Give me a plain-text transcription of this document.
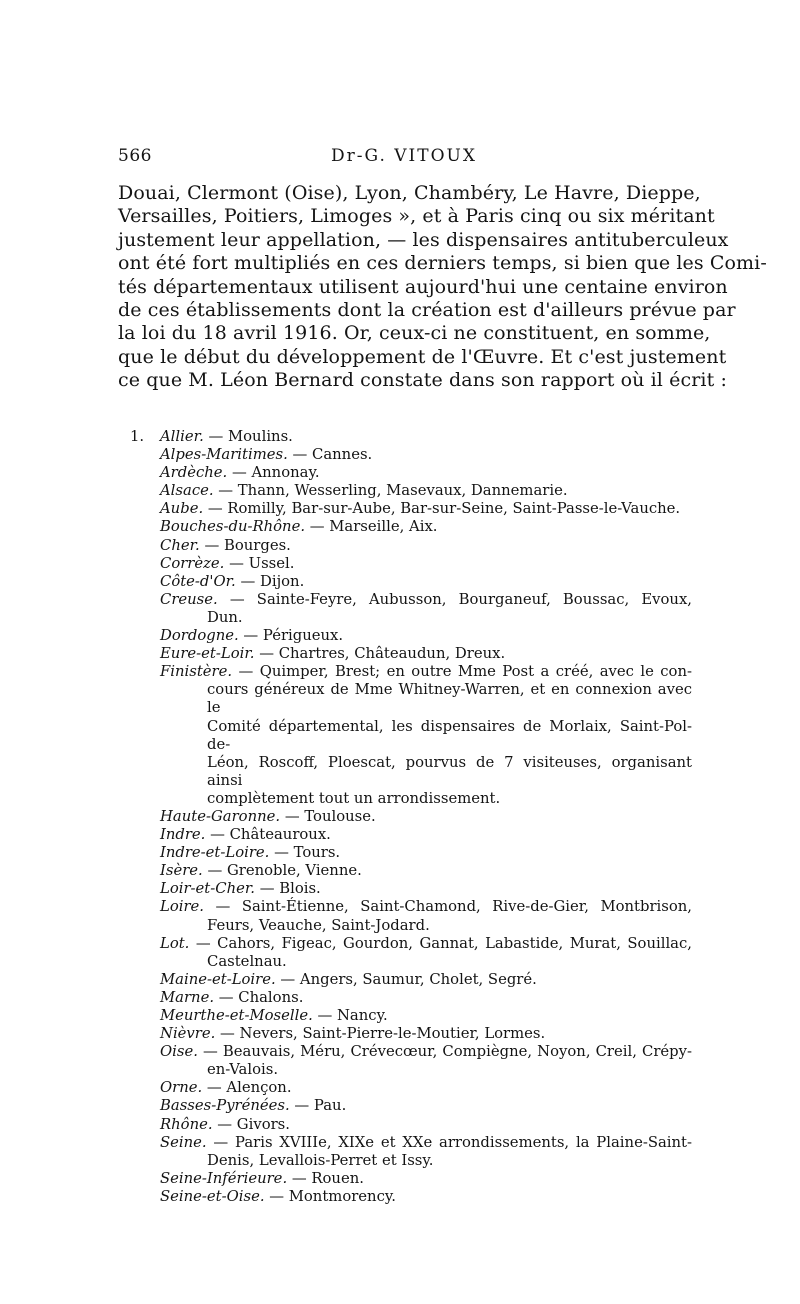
566	Dr-G. VITOUX
Douai, Clermont (Oise), Lyon, Chambéry, Le Havre, Dieppe,
Versailles, Poitiers, Limoges », et à Paris cinq ou six méritant
justement leur appellation, — les dispensaires antituberculeux
ont été fort multipliés en ces derniers temps, si bien que les Comi-
tés départementaux utilisent aujourd'hui une centaine environ
de ces établissements dont la création est d'ailleurs prévue par
la loi du 18 avril 1916. Or, ceux-ci ne constituent, en somme,
que le début du développement de l'Œuvre. Et c'est justement
ce que M. Léon Bernard constate dans son rapport où il écrit :
1. Allier. — Moulins.
Alpes-Maritimes. — Cannes.
Ardèche. — Annonay.
Alsace. — Thann, Wesserling, Masevaux, Dannemarie.
Aube. — Romilly, Bar-sur-Aube, Bar-sur-Seine, Saint-Passe-le-Vauche.
Bouches-du-Rhône. — Marseille, Aix.
Cher. — Bourges.
Corrèze. — Ussel.
Côte-d'Or. — Dijon.
Creuse. — Sainte-Feyre, Aubusson, Bourganeuf, Boussac, Evoux,
Dun.
Dordogne. — Périgueux.
Eure-et-Loir. — Chartres, Châteaudun, Dreux.
Finistère. — Quimper, Brest; en outre Mme Post a créé, avec le con-
cours généreux de Mme Whitney-Warren, et en connexion avec le
Comité départemental, les dispensaires de Morlaix, Saint-Pol-de-
Léon, Roscoff, Ploescat, pourvus de 7 visiteuses, organisant ainsi
complètement tout un arrondissement.
Haute-Garonne. — Toulouse.
Indre. — Châteauroux.
Indre-et-Loire. — Tours.
Isère. — Grenoble, Vienne.
Loir-et-Cher. — Blois.
Loire. — Saint-Étienne, Saint-Chamond, Rive-de-Gier, Montbrison,
Feurs, Veauche, Saint-Jodard.
Lot. — Cahors, Figeac, Gourdon, Gannat, Labastide, Murat, Souillac,
Castelnau.
Maine-et-Loire. — Angers, Saumur, Cholet, Segré.
Marne. — Chalons.
Meurthe-et-Moselle. — Nancy.
Nièvre. — Nevers, Saint-Pierre-le-Moutier, Lormes.
Oise. — Beauvais, Méru, Crévecœur, Compiègne, Noyon, Creil, Crépy-
en-Valois.
Orne. — Alençon.
Basses-Pyrénées. — Pau.
Rhône. — Givors.
Seine. — Paris XVIIIe, XIXe et XXe arrondissements, la Plaine-Saint-
Denis, Levallois-Perret et Issy.
Seine-Inférieure. — Rouen.
Seine-et-Oise. — Montmorency.
